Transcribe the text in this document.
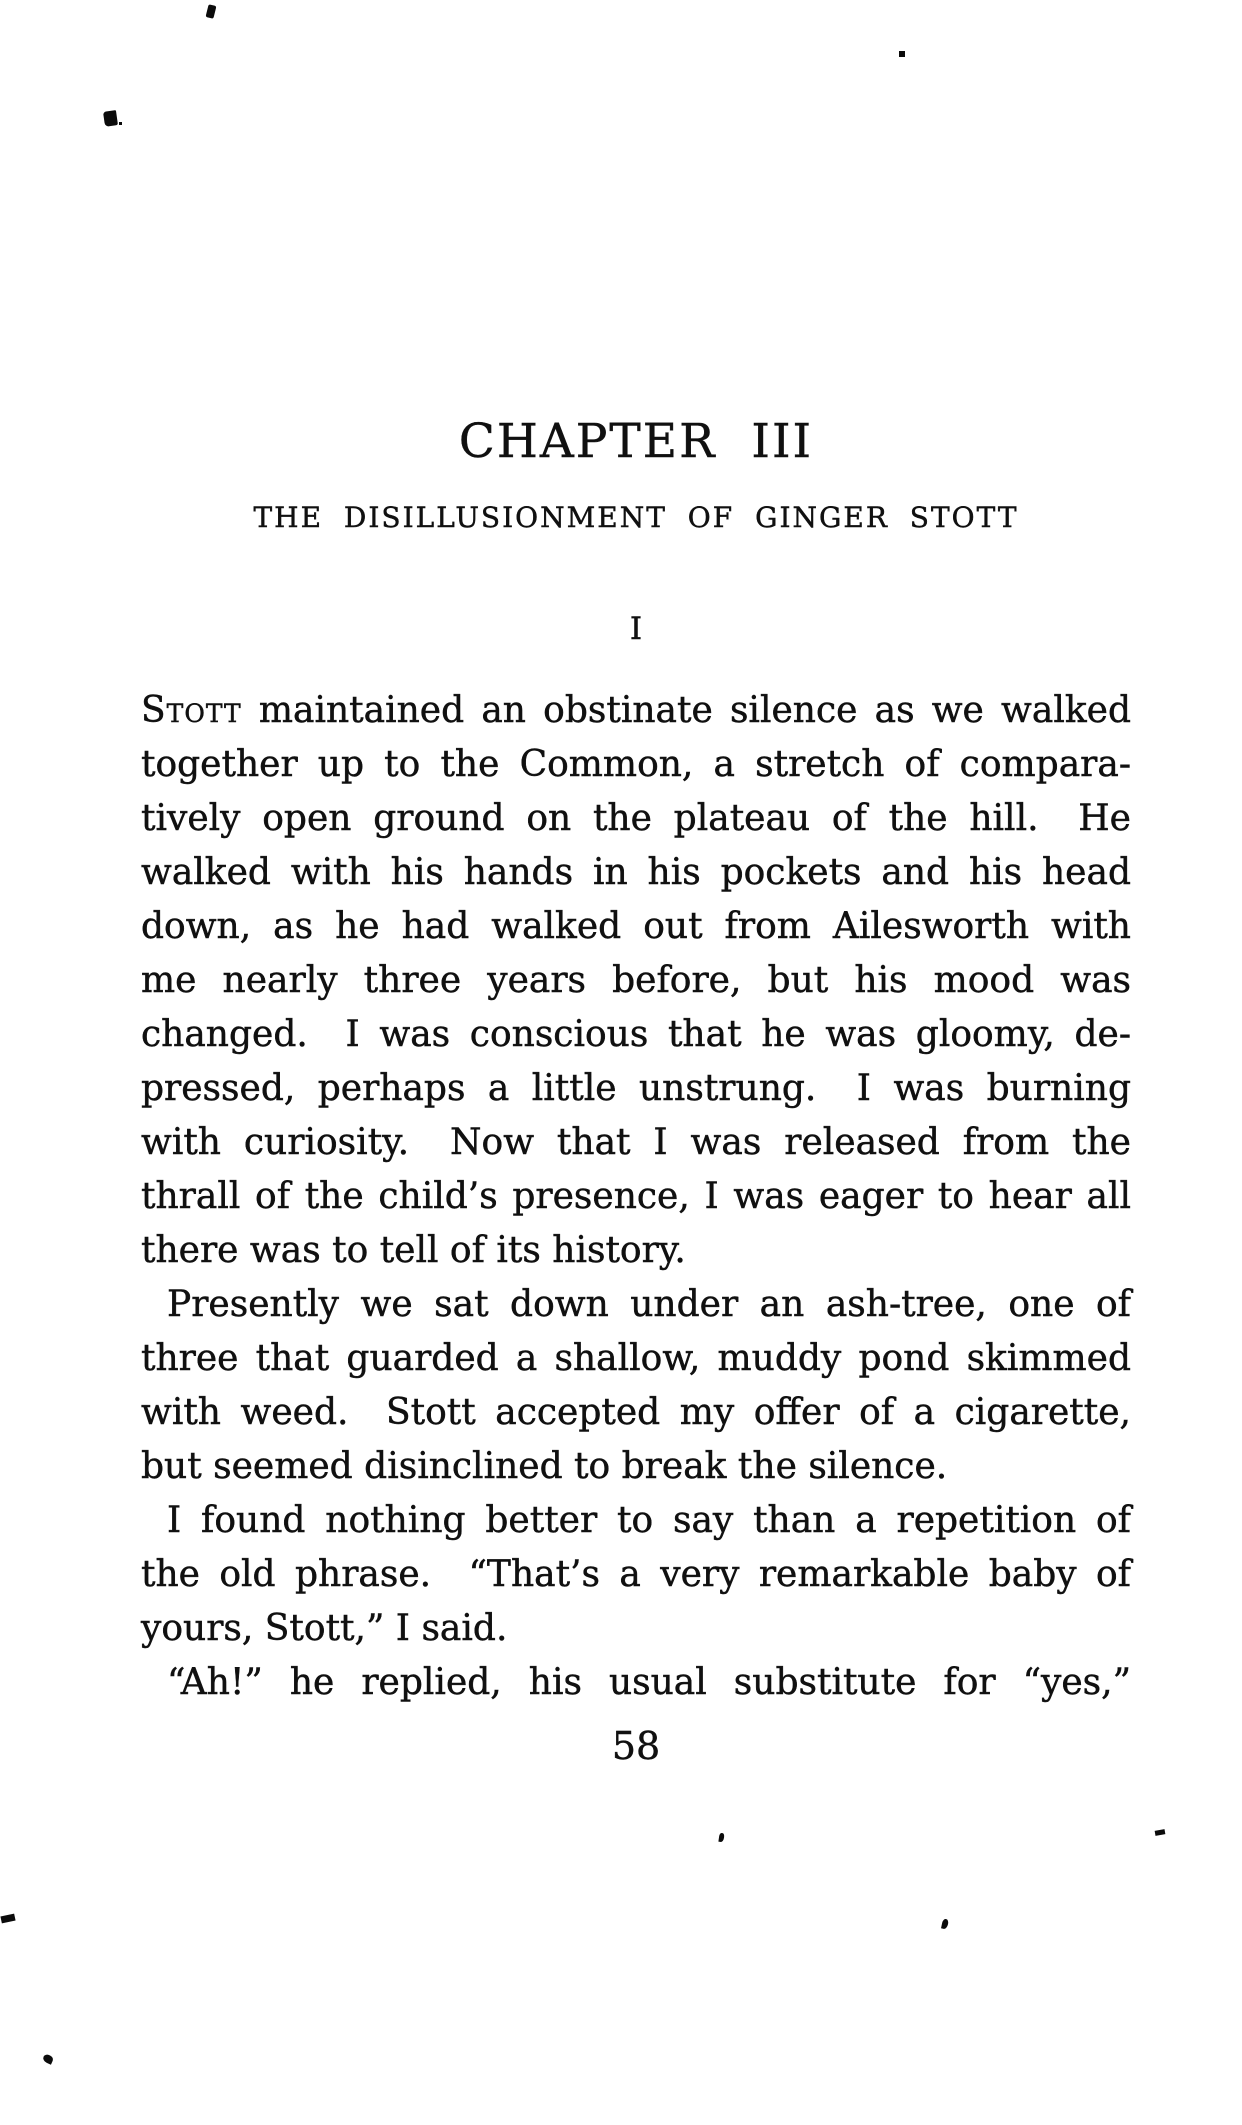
CHAPTER III
THE DISILLUSIONMENT OF GINGER STOTT
I
Stott maintained an obstinate silence as we walked
together up to the Common, a stretch of compara-
tively open ground on the plateau of the hill.  He
walked with his hands in his pockets and his head
down, as he had walked out from Ailesworth with
me nearly three years before, but his mood was
changed.  I was conscious that he was gloomy, de-
pressed, perhaps a little unstrung.  I was burning
with curiosity.  Now that I was released from the
thrall of the child’s presence, I was eager to hear all
there was to tell of its history.
Presently we sat down under an ash-tree, one of
three that guarded a shallow, muddy pond skimmed
with weed.  Stott accepted my offer of a cigarette,
but seemed disinclined to break the silence.
I found nothing better to say than a repetition of
the old phrase.  “That’s a very remarkable baby of
yours, Stott,” I said.
“Ah!” he replied, his usual substitute for “yes,”
58
